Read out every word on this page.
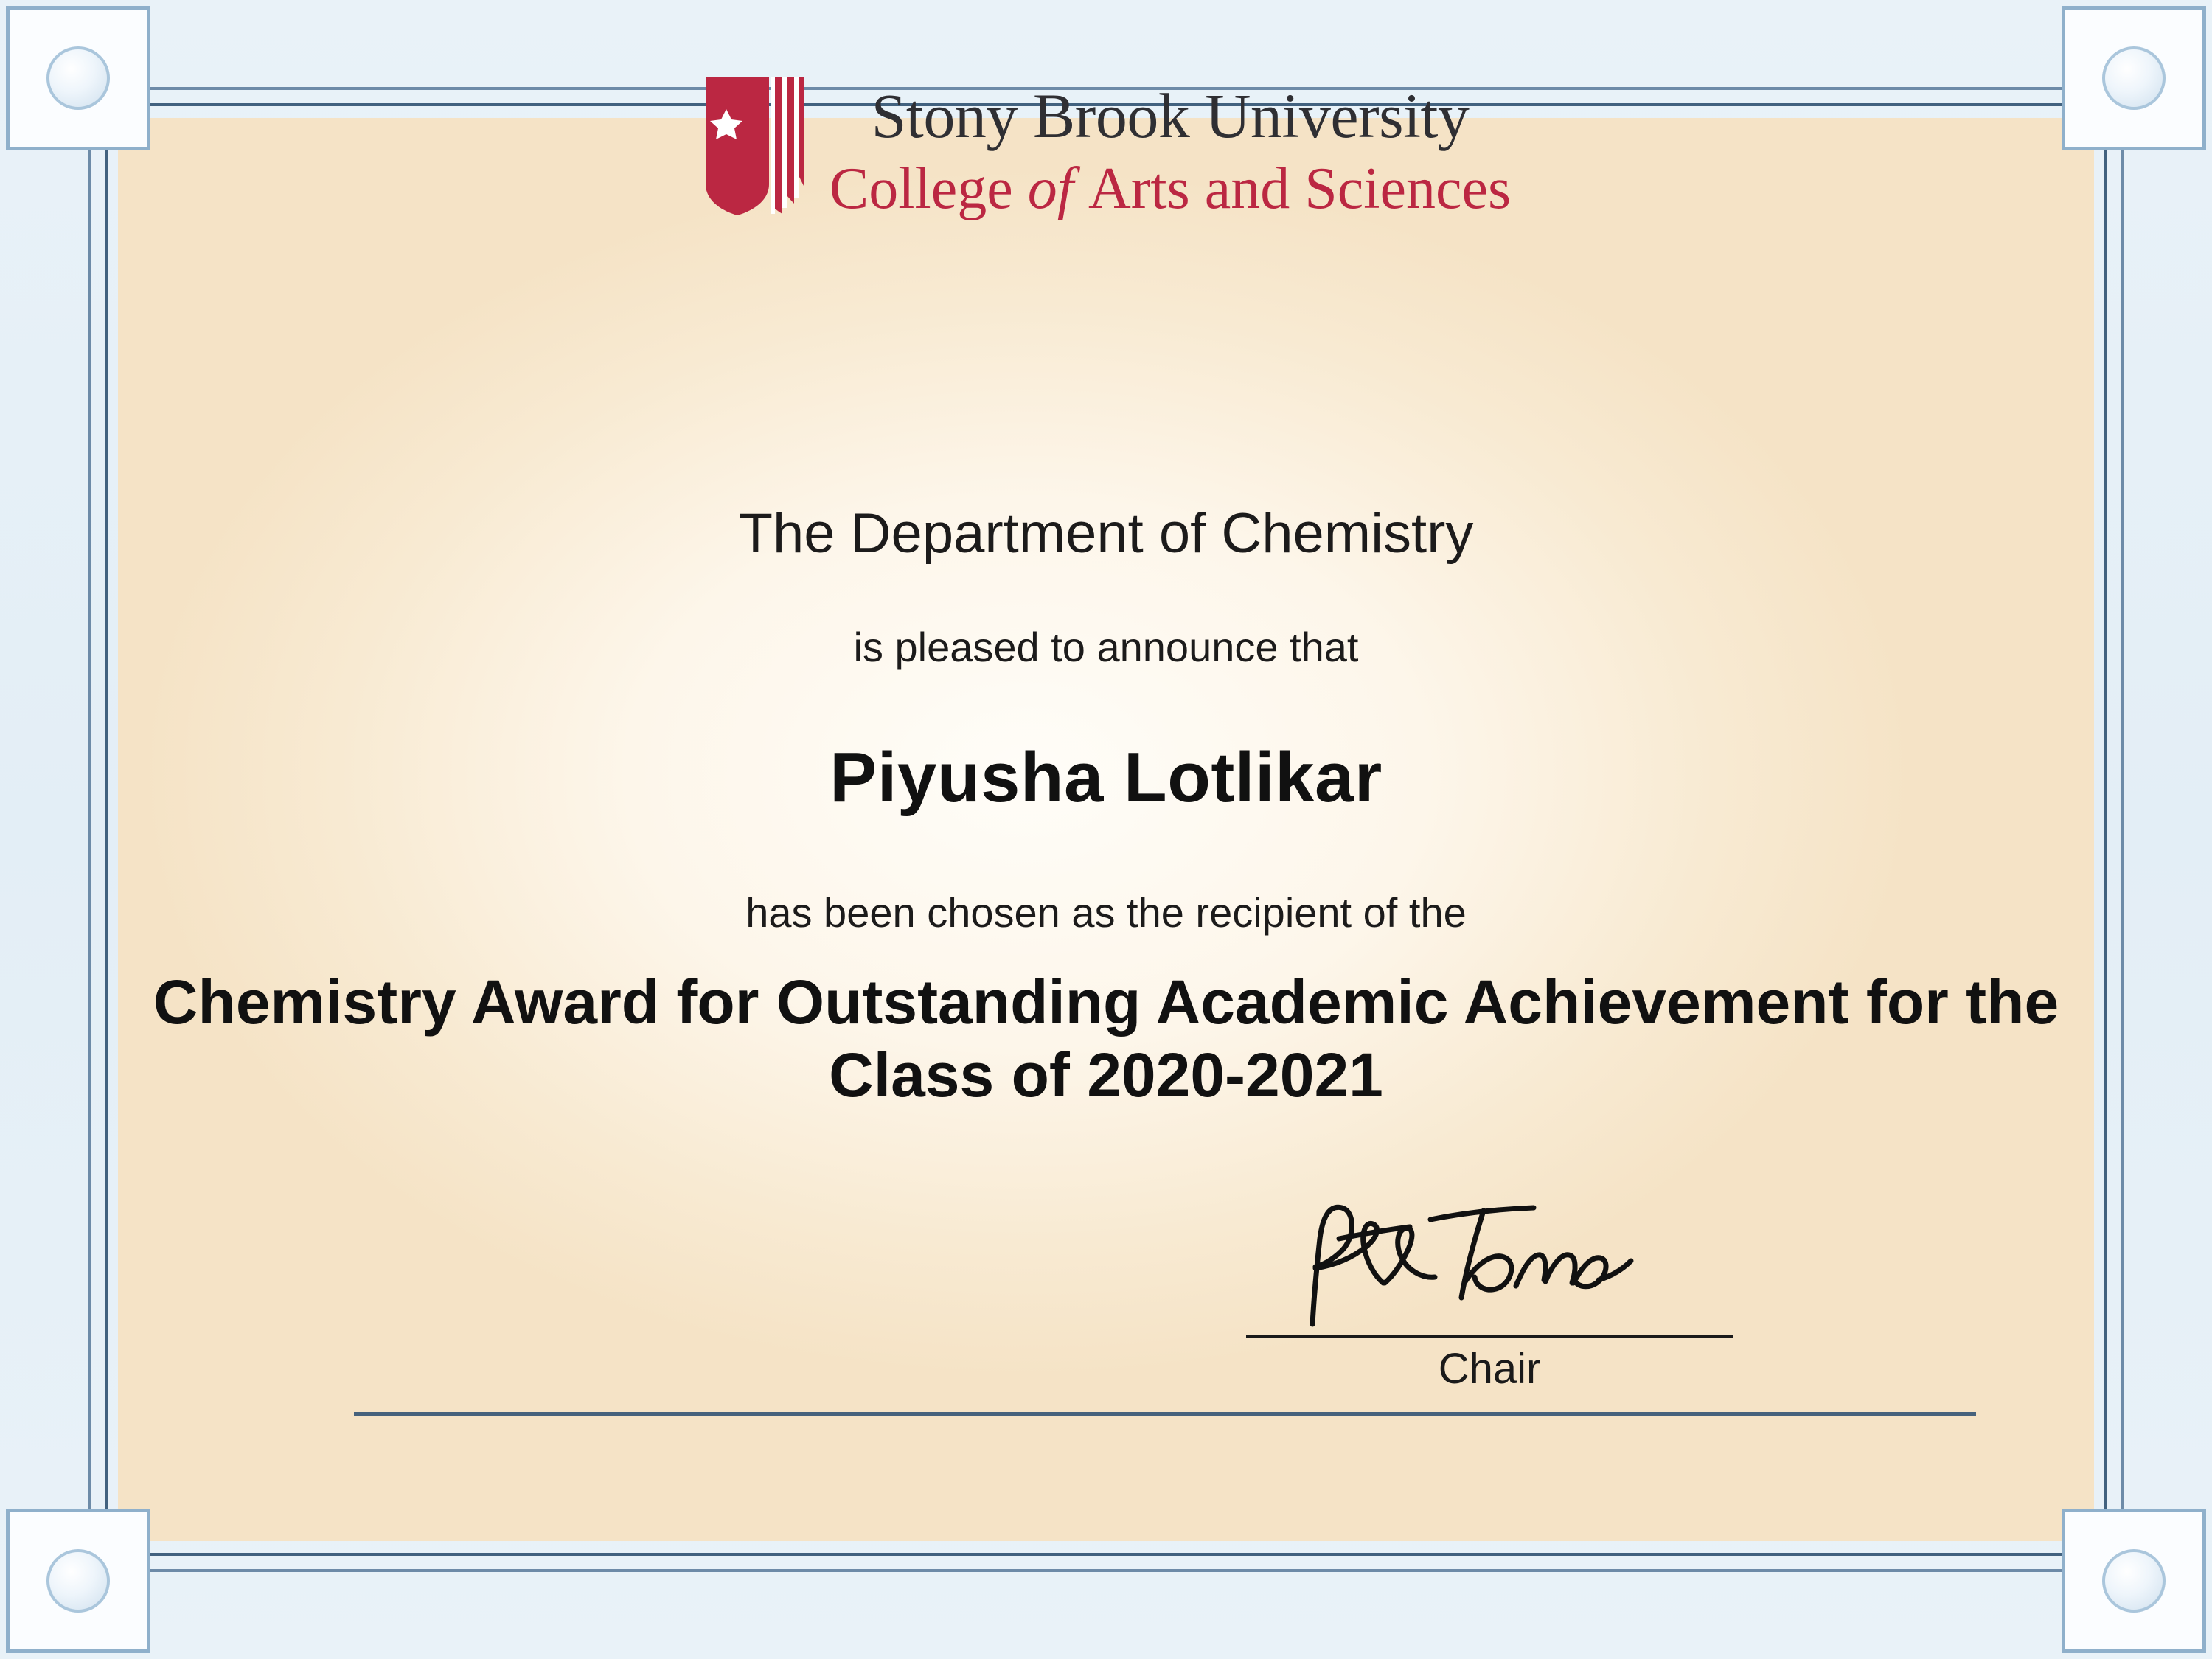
Stony Brook University
College of Arts and Sciences
The Department of Chemistry
is pleased to announce that
Piyusha Lotlikar
has been chosen as the recipient of the
Chemistry Award for Outstanding Academic Achievement for the Class of 2020-2021
Chair
